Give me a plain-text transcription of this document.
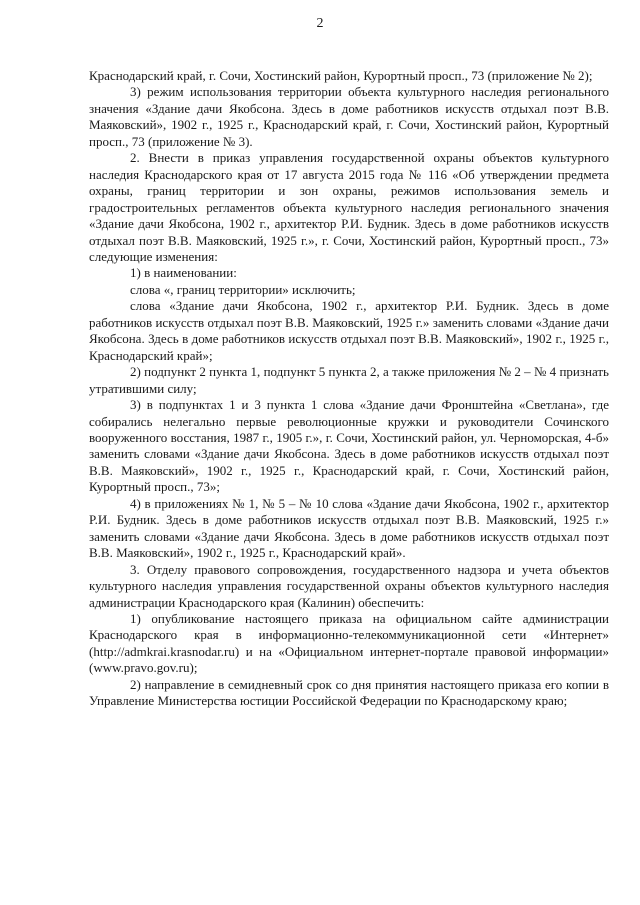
2

Краснодарский край, г. Сочи, Хостинский район, Курортный просп., 73 (приложение № 2);

3) режим использования территории объекта культурного наследия регионального значения «Здание дачи Якобсона. Здесь в доме работников искусств отдыхал поэт В.В. Маяковский», 1902 г., 1925 г., Краснодарский край, г. Сочи, Хостинский район, Курортный просп., 73 (приложение № 3).

2. Внести в приказ управления государственной охраны объектов культурного наследия Краснодарского края от 17 августа 2015 года № 116 «Об утверждении предмета охраны, границ территории и зон охраны, режимов использования земель и градостроительных регламентов объекта культурного наследия регионального значения «Здание дачи Якобсона, 1902 г., архитектор Р.И. Будник. Здесь в доме работников искусств отдыхал поэт В.В. Маяковский, 1925 г.», г. Сочи, Хостинский район, Курортный просп., 73» следующие изменения:

1) в наименовании:

слова «, границ территории» исключить;

слова «Здание дачи Якобсона, 1902 г., архитектор Р.И. Будник. Здесь в доме работников искусств отдыхал поэт В.В. Маяковский, 1925 г.» заменить словами «Здание дачи Якобсона. Здесь в доме работников искусств отдыхал поэт В.В. Маяковский», 1902 г., 1925 г., Краснодарский край»;

2) подпункт 2 пункта 1, подпункт 5 пункта 2, а также приложения № 2 – № 4 признать утратившими силу;

3) в подпунктах 1 и 3 пункта 1 слова «Здание дачи Фронштейна «Светлана», где собирались нелегально первые революционные кружки и руководители Сочинского вооруженного восстания, 1987 г., 1905 г.», г. Сочи, Хостинский район, ул. Черноморская, 4-б» заменить словами «Здание дачи Якобсона. Здесь в доме работников искусств отдыхал поэт В.В. Маяковский», 1902 г., 1925 г., Краснодарский край, г. Сочи, Хостинский район, Курортный просп., 73»;

4) в приложениях № 1, № 5 – № 10 слова «Здание дачи Якобсона, 1902 г., архитектор Р.И. Будник. Здесь в доме работников искусств отдыхал поэт В.В. Маяковский, 1925 г.» заменить словами «Здание дачи Якобсона. Здесь в доме работников искусств отдыхал поэт В.В. Маяковский», 1902 г., 1925 г., Краснодарский край».

3. Отделу правового сопровождения, государственного надзора и учета объектов культурного наследия управления государственной охраны объектов культурного наследия администрации Краснодарского края (Калинин) обеспечить:

1) опубликование настоящего приказа на официальном сайте администрации Краснодарского края в информационно-телекоммуникационной сети «Интернет» (http://admkrai.krasnodar.ru) и на «Официальном интернет-портале правовой информации» (www.pravo.gov.ru);

2) направление в семидневный срок со дня принятия настоящего приказа его копии в Управление Министерства юстиции Российской Федерации по Краснодарскому краю;
